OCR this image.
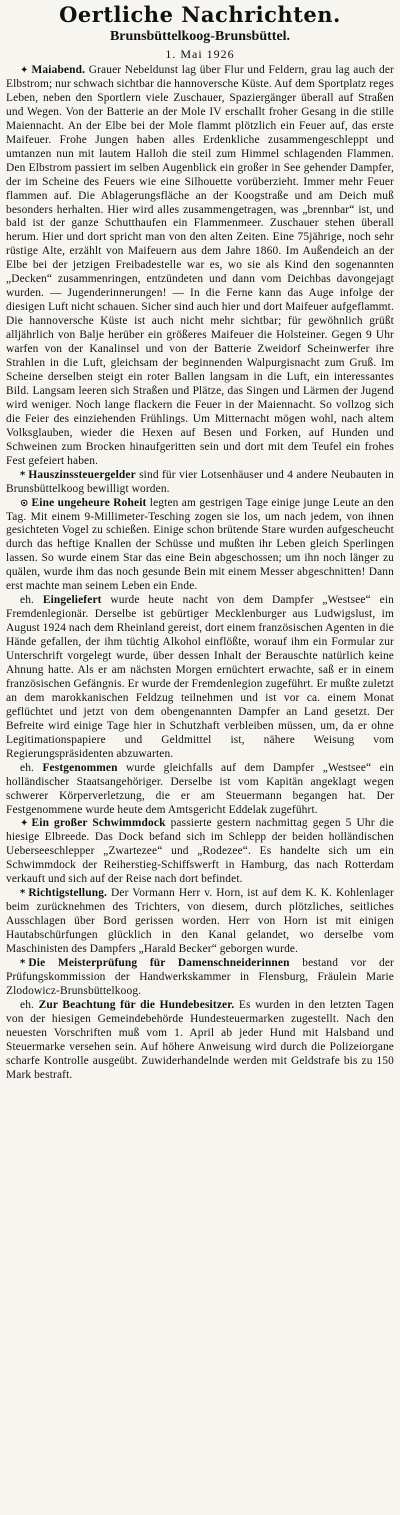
Oertliche Nachrichten.
Brunsbüttelkoog-Brunsbüttel.
1. Mai 1926

✦ Maiabend. Grauer Nebeldunst lag über Flur und Feldern, grau lag auch der Elbstrom; nur schwach sichtbar die hannoversche Küste. Auf dem Sportplatz reges Leben, neben den Sportlern viele Zuschauer, Spaziergänger überall auf Straßen und Wegen. Von der Batterie an der Mole IV erschallt froher Gesang in die stille Maiennacht. An der Elbe bei der Mole flammt plötzlich ein Feuer auf, das erste Maifeuer. Frohe Jungen haben alles Erdenkliche zusammengeschleppt und umtanzen nun mit lautem Halloh die steil zum Himmel schlagenden Flammen. Den Elbstrom passiert im selben Augenblick ein großer in See gehender Dampfer, der im Scheine des Feuers wie eine Silhouette vorüberzieht. Immer mehr Feuer flammen auf. Die Ablagerungsfläche an der Koogstraße und am Deich muß besonders herhalten. Hier wird alles zusammengetragen, was „brennbar“ ist, und bald ist der ganze Schutthaufen ein Flammenmeer. Zuschauer stehen überall herum. Hier und dort spricht man von den alten Zeiten. Eine 75jährige, noch sehr rüstige Alte, erzählt von Maifeuern aus dem Jahre 1860. Im Außendeich an der Elbe bei der jetzigen Freibadestelle war es, wo sie als Kind den sogenannten „Decken“ zusammenringen, entzündeten und dann vom Deichbas davongejagt wurden. — Jugenderinnerungen! — In die Ferne kann das Auge infolge der diesigen Luft nicht schauen. Sicher sind auch hier und dort Maifeuer aufgeflammt. Die hannoversche Küste ist auch nicht mehr sichtbar; für gewöhnlich grüßt alljährlich von Balje herüber ein größeres Maifeuer die Holsteiner. Gegen 9 Uhr warfen von der Kanalinsel und von der Batterie Zweidorf Scheinwerfer ihre Strahlen in die Luft, gleichsam der beginnenden Walpurgisnacht zum Gruß. Im Scheine derselben steigt ein roter Ballen langsam in die Luft, ein interessantes Bild. Langsam leeren sich Straßen und Plätze, das Singen und Lärmen der Jugend wird weniger. Noch lange flackern die Feuer in der Maiennacht. So vollzog sich die Feier des einziehenden Frühlings. Um Mitternacht mögen wohl, nach altem Volksglauben, wieder die Hexen auf Besen und Forken, auf Hunden und Schweinen zum Brocken hinaufgeritten sein und dort mit dem Teufel ein frohes Fest gefeiert haben.

* Hauszinssteuergelder sind für vier Lotsenhäuser und 4 andere Neubauten in Brunsbüttelkoog bewilligt worden.

⊙ Eine ungeheure Roheit legten am gestrigen Tage einige junge Leute an den Tag. Mit einem 9-Millimeter-Tesching zogen sie los, um nach jedem, von ihnen gesichteten Vogel zu schießen. Einige schon brütende Stare wurden aufgescheucht durch das heftige Knallen der Schüsse und mußten ihr Leben gleich Sperlingen lassen. So wurde einem Star das eine Bein abgeschossen; um ihn noch länger zu quälen, wurde ihm das noch gesunde Bein mit einem Messer abgeschnitten! Dann erst machte man seinem Leben ein Ende.

eh. Eingeliefert wurde heute nacht von dem Dampfer „Westsee“ ein Fremdenlegionär. Derselbe ist gebürtiger Mecklenburger aus Ludwigslust, im August 1924 nach dem Rheinland gereist, dort einem französischen Agenten in die Hände gefallen, der ihm tüchtig Alkohol einflößte, worauf ihm ein Formular zur Unterschrift vorgelegt wurde, über dessen Inhalt der Berauschte natürlich keine Ahnung hatte. Als er am nächsten Morgen ernüchtert erwachte, saß er in einem französischen Gefängnis. Er wurde der Fremdenlegion zugeführt. Er mußte zuletzt an dem marokkanischen Feldzug teilnehmen und ist vor ca. einem Monat geflüchtet und jetzt von dem obengenannten Dampfer an Land gesetzt. Der Befreite wird einige Tage hier in Schutzhaft verbleiben müssen, um, da er ohne Legitimationspapiere und Geldmittel ist, nähere Weisung vom Regierungspräsidenten abzuwarten.

eh. Festgenommen wurde gleichfalls auf dem Dampfer „Westsee“ ein holländischer Staatsangehöriger. Derselbe ist vom Kapitän angeklagt wegen schwerer Körperverletzung, die er am Steuermann begangen hat. Der Festgenommene wurde heute dem Amtsgericht Eddelak zugeführt.

✦ Ein großer Schwimmdock passierte gestern nachmittag gegen 5 Uhr die hiesige Elbreede. Das Dock befand sich im Schlepp der beiden holländischen Ueberseeschlepper „Zwartezee“ und „Rodezee“. Es handelte sich um ein Schwimmdock der Reiherstieg-Schiffswerft in Hamburg, das nach Rotterdam verkauft und sich auf der Reise nach dort befindet.

* Richtigstellung. Der Vormann Herr v. Horn, ist auf dem K. K. Kohlenlager beim zurücknehmen des Trichters, von diesem, durch plötzliches, seitliches Ausschlagen über Bord gerissen worden. Herr von Horn ist mit einigen Hautabschürfungen glücklich in den Kanal gelandet, wo derselbe vom Maschinisten des Dampfers „Harald Becker“ geborgen wurde.

* Die Meisterprüfung für Damenschneiderinnen bestand vor der Prüfungskommission der Handwerkskammer in Flensburg, Fräulein Marie Zlodowicz-Brunsbüttelkoog.

eh. Zur Beachtung für die Hundebesitzer. Es wurden in den letzten Tagen von der hiesigen Gemeindebehörde Hundesteuermarken zugestellt. Nach den neuesten Vorschriften muß vom 1. April ab jeder Hund mit Halsband und Steuermarke versehen sein. Auf höhere Anweisung wird durch die Polizeiorgane scharfe Kontrolle ausgeübt. Zuwiderhandelnde werden mit Geldstrafe bis zu 150 Mark bestraft.
